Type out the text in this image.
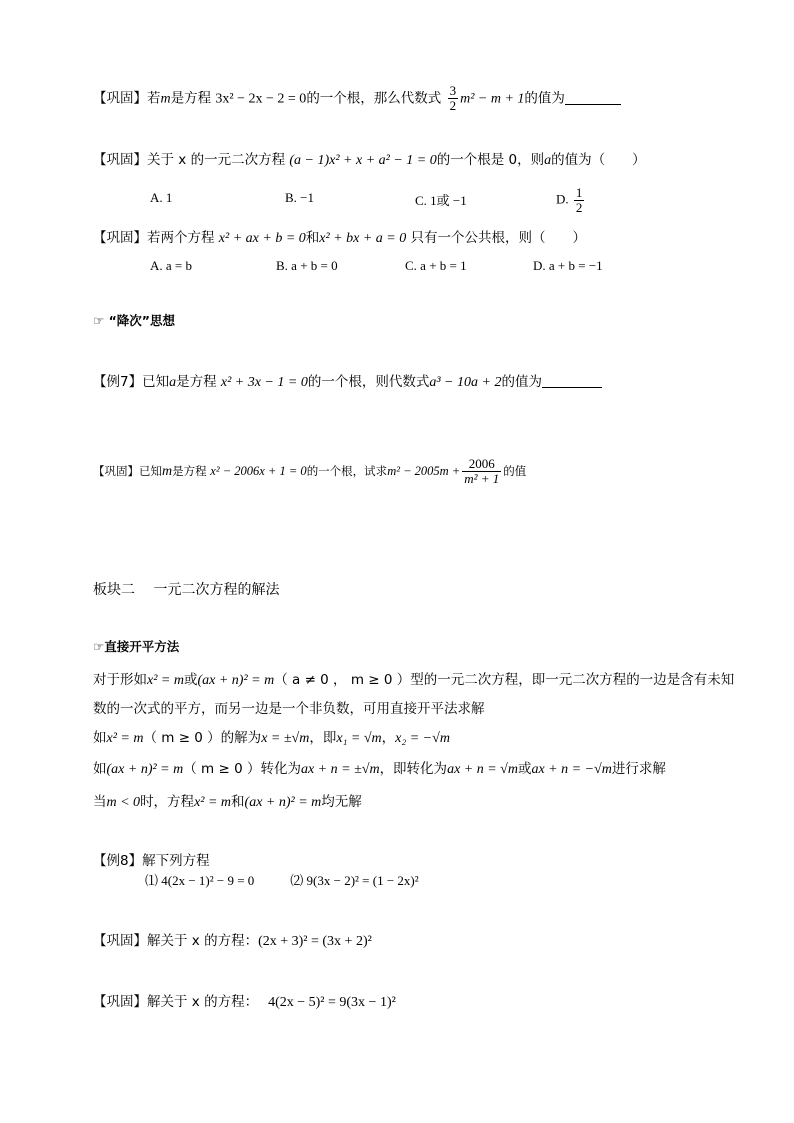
【巩固】若m是方程 3x² − 2x − 2 = 0的一个根，那么代数式 $\frac{3}{2} m^2 - m + 1$的值为
【巩固】关于 x 的一元二次方程 (a − 1)x² + x + a² − 1 = 0的一个根是 0，则a的值为（　　）
A. 1	B. −1	C. 1或 −1	D. $\frac{1}{2}$
【巩固】若两个方程 x² + ax + b = 0和x² + bx + a = 0 只有一个公共根，则（　　）
A. a = b	B. a + b = 0	C. a + b = 1	D. a + b = −1
☞ “降次”思想
【例7】已知a是方程 x² + 3x − 1 = 0的一个根，则代数式a³ − 10a + 2的值为
【巩固】已知m是方程 x² − 2006x + 1 = 0的一个根，试求$m^2 - 2005m + \frac{2006}{\text{m² + 1}}$ 的值
板块二　 一元二次方程的解法
☞直接开平方法
对于形如x² = m或(ax + n)² = m（ a ≠ 0 ， m ≥ 0 ）型的一元二次方程，即一元二次方程的一边是含有未知
数的一次式的平方，而另一边是一个非负数，可用直接开平法求解
如x² = m（ m ≥ 0 ）的解为x = ±√m，即x₁ = √m，x₂ = −√m
如(ax + n)² = m（ m ≥ 0 ）转化为ax + n = ±√m，即转化为ax + n = √m或ax + n = −√m进行求解
当m < 0时，方程x² = m和(ax + n)² = m均无解
【例8】解下列方程
⑴ 4(2x − 1)² − 9 = 0	⑵ 9(3x − 2)² = (1 − 2x)²
【巩固】解关于 x 的方程：(2x + 3)² = (3x + 2)²
【巩固】解关于 x 的方程： 4(2x − 5)² = 9(3x − 1)²
